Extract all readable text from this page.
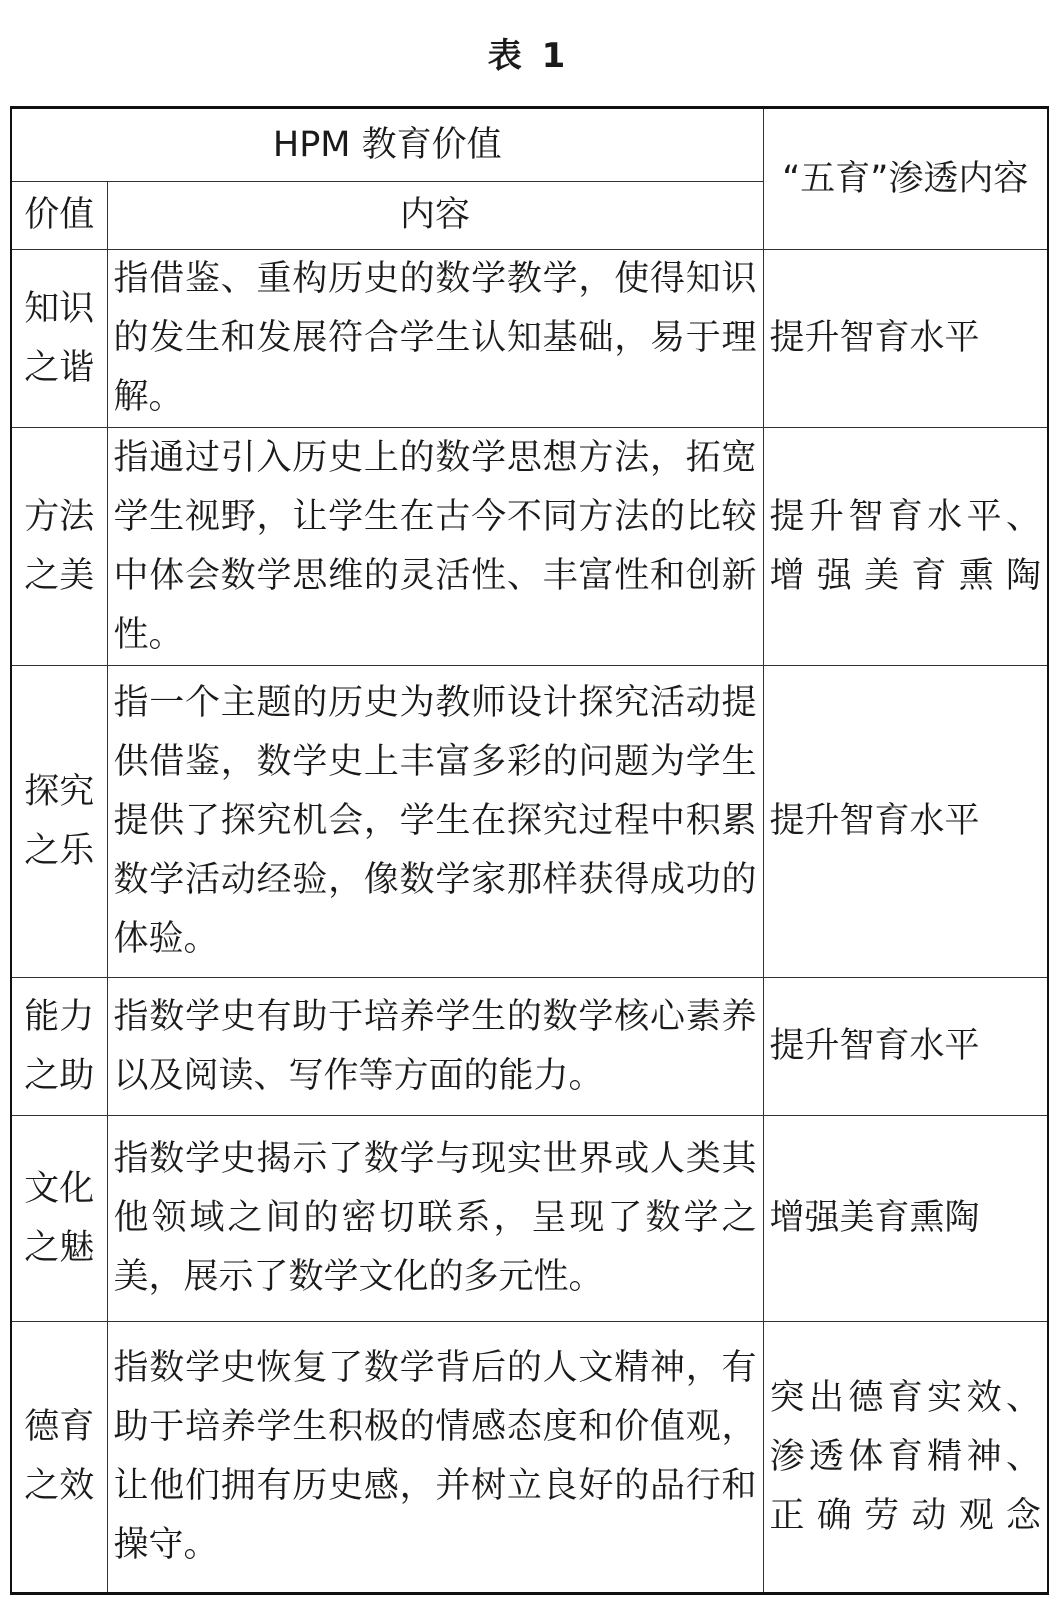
表 1
HPM 教育价值		“五育”渗透内容
价值	内容	
知识之谐	指借鉴、重构历史的数学教学，使得知识的发生和发展符合学生认知基础，易于理解。	提升智育水平
方法之美	指通过引入历史上的数学思想方法，拓宽学生视野，让学生在古今不同方法的比较中体会数学思维的灵活性、丰富性和创新性。	提升智育水平、增强美育熏陶
探究之乐	指一个主题的历史为教师设计探究活动提供借鉴，数学史上丰富多彩的问题为学生提供了探究机会，学生在探究过程中积累数学活动经验，像数学家那样获得成功的体验。	提升智育水平
能力之助	指数学史有助于培养学生的数学核心素养以及阅读、写作等方面的能力。	提升智育水平
文化之魅	指数学史揭示了数学与现实世界或人类其他领域之间的密切联系，呈现了数学之美，展示了数学文化的多元性。	增强美育熏陶
德育之效	指数学史恢复了数学背后的人文精神，有助于培养学生积极的情感态度和价值观，让他们拥有历史感，并树立良好的品行和操守。	突出德育实效、渗透体育精神、正确劳动观念
